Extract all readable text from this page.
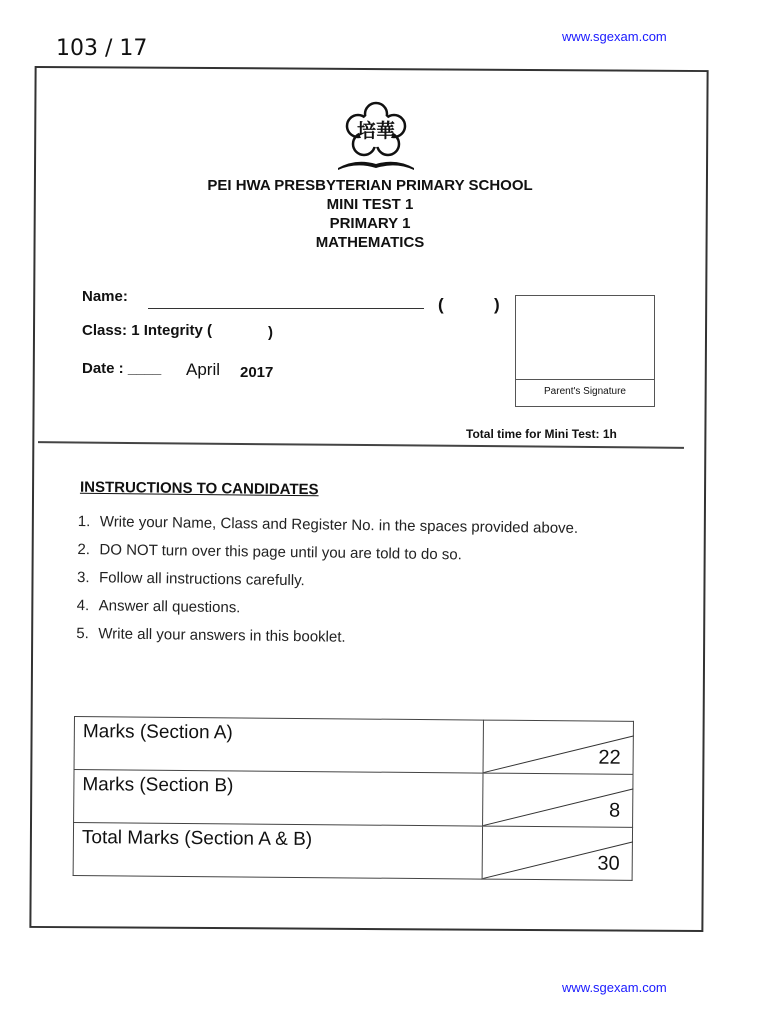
103 / 17	www.sgexam.com
培華
PEI HWA PRESBYTERIAN PRIMARY SCHOOL
MINI TEST 1
PRIMARY 1
MATHEMATICS
Name:	(	)
Class: 1 Integrity (	)
Date : ____ April 2017
Parent's Signature
Total time for Mini Test: 1h
INSTRUCTIONS TO CANDIDATES
1. Write your Name, Class and Register No. in the spaces provided above.
2. DO NOT turn over this page until you are told to do so.
3. Follow all instructions carefully.
4. Answer all questions.
5. Write all your answers in this booklet.
Marks (Section A)	22

Marks (Section B)	8

Total Marks (Section A & B)	30
www.sgexam.com
